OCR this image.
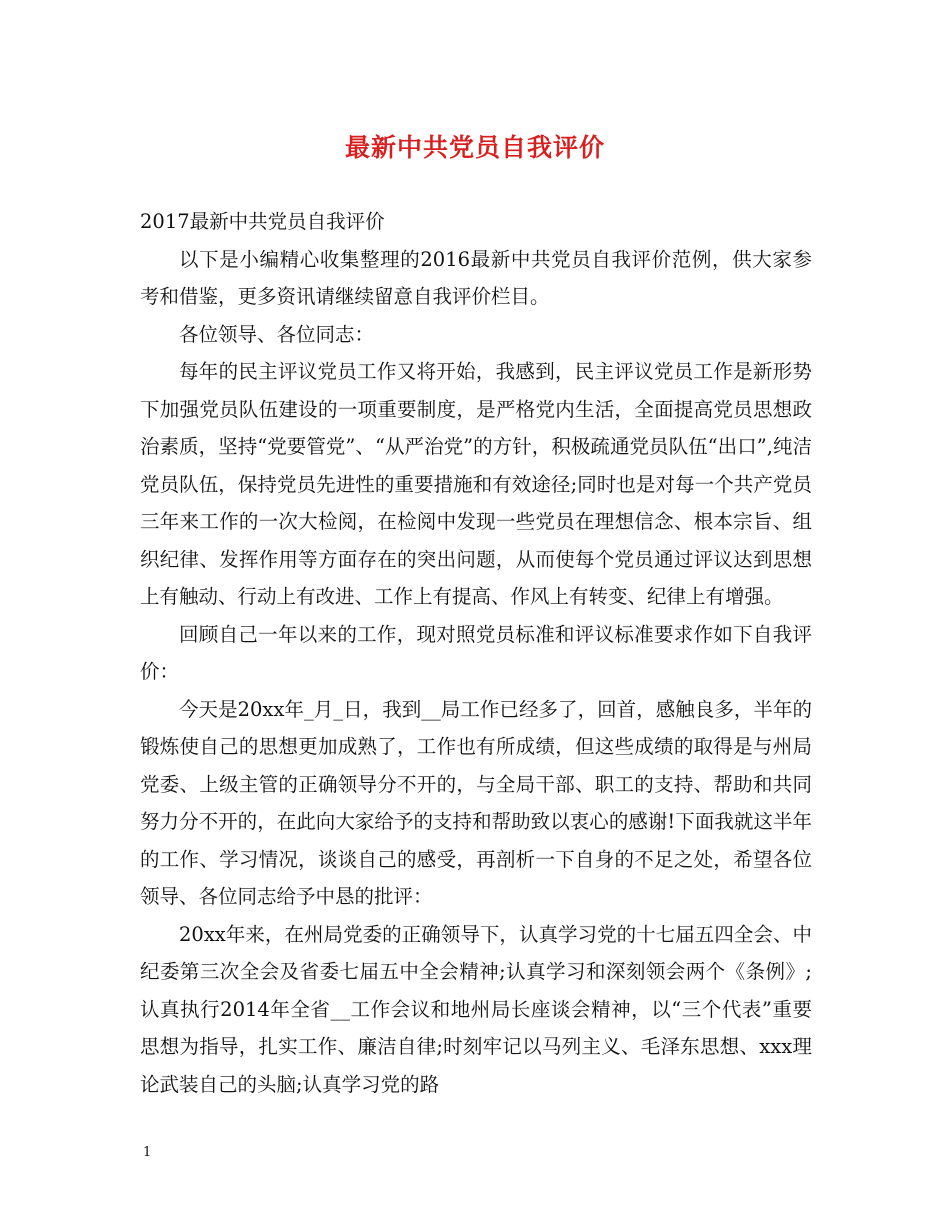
最新中共党员自我评价

2017最新中共党员自我评价

以下是小编精心收集整理的2016最新中共党员自我评价范例，供大家参考和借鉴，更多资讯请继续留意自我评价栏目。

各位领导、各位同志：

每年的民主评议党员工作又将开始，我感到，民主评议党员工作是新形势下加强党员队伍建设的一项重要制度，是严格党内生活，全面提高党员思想政治素质，坚持“党要管党”、“从严治党”的方针，积极疏通党员队伍“出口”,纯洁党员队伍，保持党员先进性的重要措施和有效途径;同时也是对每一个共产党员三年来工作的一次大检阅，在检阅中发现一些党员在理想信念、根本宗旨、组织纪律、发挥作用等方面存在的突出问题，从而使每个党员通过评议达到思想上有触动、行动上有改进、工作上有提高、作风上有转变、纪律上有增强。

回顾自己一年以来的工作，现对照党员标准和评议标准要求作如下自我评价：

今天是20xx年_月_日，我到__局工作已经多了，回首，感触良多，半年的锻炼使自己的思想更加成熟了，工作也有所成绩，但这些成绩的取得是与州局党委、上级主管的正确领导分不开的，与全局干部、职工的支持、帮助和共同努力分不开的，在此向大家给予的支持和帮助致以衷心的感谢!下面我就这半年的工作、学习情况，谈谈自己的感受，再剖析一下自身的不足之处，希望各位领导、各位同志给予中恳的批评：

20xx年来，在州局党委的正确领导下，认真学习党的十七届五四全会、中纪委第三次全会及省委七届五中全会精神;认真学习和深刻领会两个《条例》;认真执行2014年全省__工作会议和地州局长座谈会精神，以“三个代表”重要思想为指导，扎实工作、廉洁自律;时刻牢记以马列主义、毛泽东思想、xxx理论武装自己的头脑;认真学习党的路

1
